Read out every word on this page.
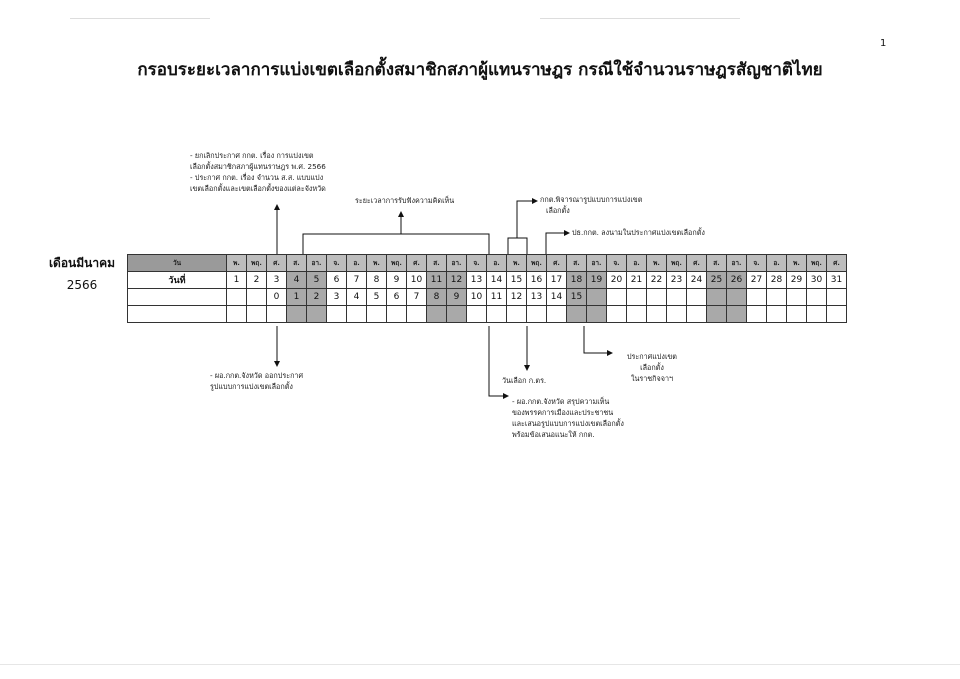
1
กรอบระยะเวลาการแบ่งเขตเลือกตั้งสมาชิกสภาผู้แทนราษฎร กรณีใช้จำนวนราษฎรสัญชาติไทย
- ยกเลิกประกาศ กกต. เรื่อง การแบ่งเขต
เลือกตั้งสมาชิกสภาผู้แทนราษฎร พ.ศ. 2566
- ประกาศ กกต. เรื่อง จำนวน ส.ส. แบบแบ่ง
เขตเลือกตั้งและเขตเลือกตั้งของแต่ละจังหวัด
ระยะเวลาการรับฟังความคิดเห็น	กกต.พิจารณารูปแบบการแบ่งเขต
เลือกตั้ง
ปธ.กกต. ลงนามในประกาศแบ่งเขตเลือกตั้ง
- ผอ.กกต.จังหวัด ออกประกาศ
รูปแบบการแบ่งเขตเลือกตั้ง
วันเลือก ก.ตร.
- ผอ.กกต.จังหวัด สรุปความเห็น
ของพรรคการเมืองและประชาชน
และเสนอรูปแบบการแบ่งเขตเลือกตั้ง
พร้อมข้อเสนอแนะให้ กกต.
ประกาศแบ่งเขต
เลือกตั้ง
ในราชกิจจาฯ
เดือนมีนาคม
2566
วัน	พ.	พฤ.	ศ.	ส.	อา.	จ.	อ.	พ.	พฤ.	ศ.	ส.	อา.	จ.	อ.	พ.	พฤ.	ศ.	ส.	อา.	จ.	อ.	พ.	พฤ.	ศ.	ส.	อา.	จ.	อ.	พ.	พฤ.	ศ.
วันที่	1	2	3	4	5	6	7	8	9	10	11	12	13	14	15	16	17	18	19	20	21	22	23	24	25	26	27	28	29	30	31
			0	1	2	3	4	5	6	7	8	9	10	11	12	13	14	15													
